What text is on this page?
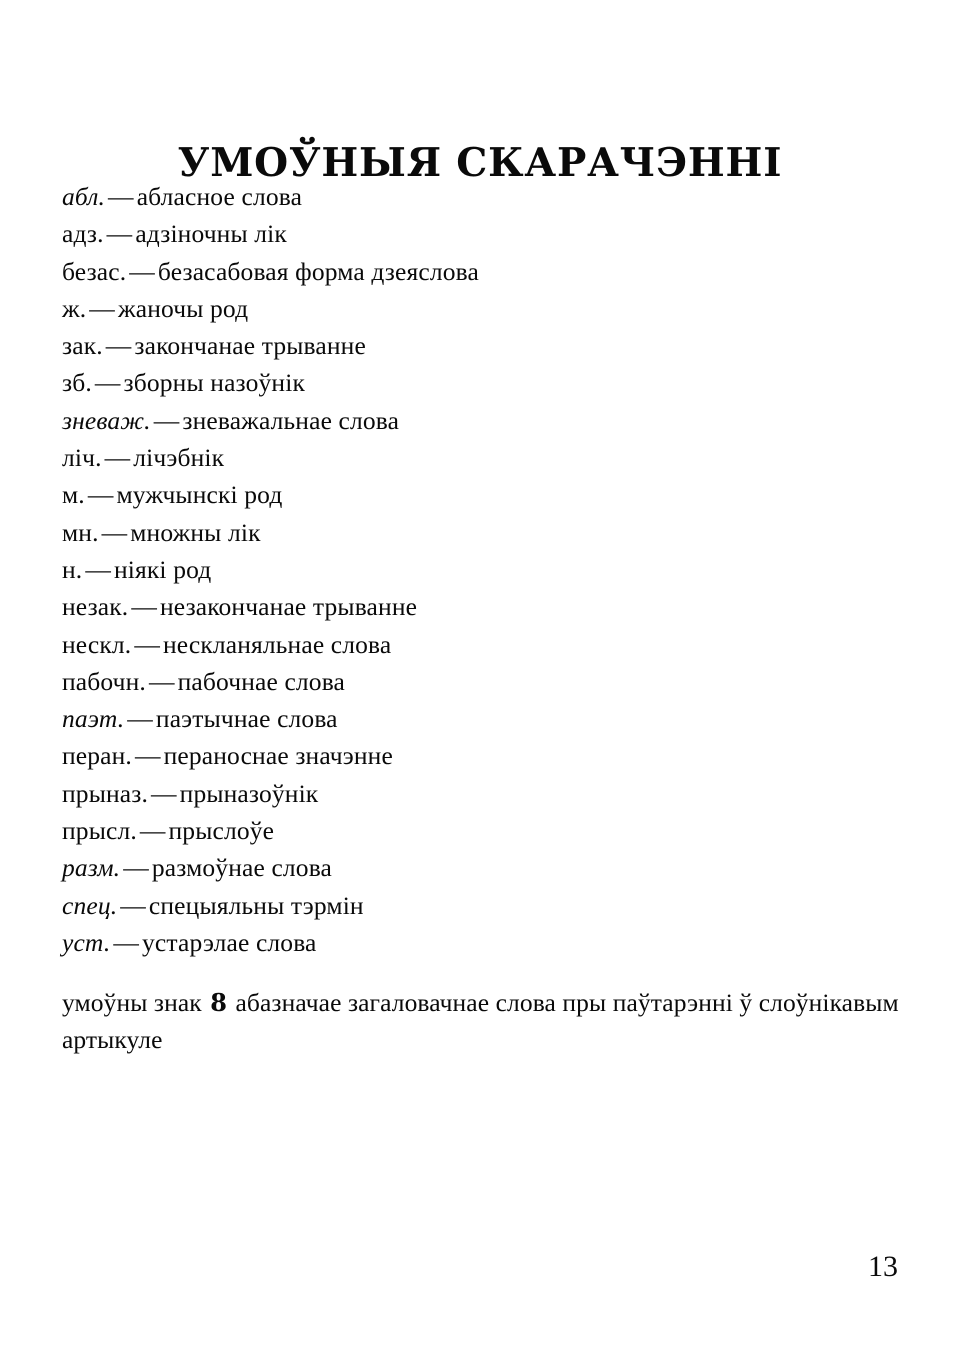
УМОЎНЫЯ СКАРАЧЭННІ
абл. — абласное слова
адз. — адзіночны лік
безас. — безасабовая форма дзеяслова
ж. — жаночы род
зак. — закончанае трыванне
зб. — зборны назоўнік
зневаж. — зневажальнае слова
ліч. — лічэбнік
м. — мужчынскі род
мн. — множны лік
н. — ніякі род
незак. — незакончанае трыванне
нескл. — нескланяльнае слова
пабочн. — пабочнае слова
паэт. — паэтычнае слова
перан. — пераноснае значэнне
прыназ. — прыназоўнік
прысл. — прыслоўе
разм. — размоўнае слова
спец. — спецыяльны тэрмін
уст. — устарэлае слова

умоўны знак 8 абазначае загаловачнае слова пры паўтарэнні ў слоўнікавым артыкуле

13
